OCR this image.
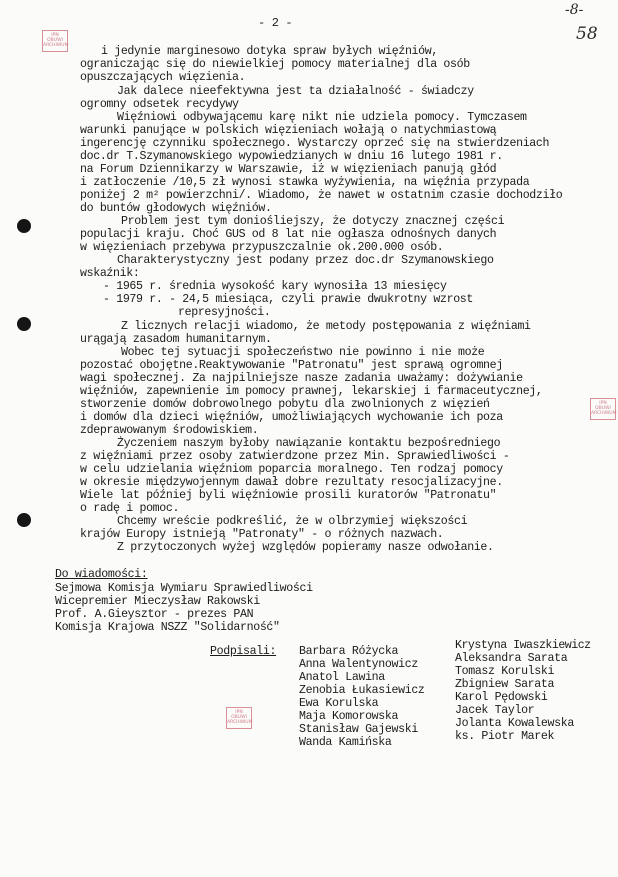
- 2 -
-8-
58
IPN OBUWI ARCHIWUM
IPN OBUWI ARCHIWUM
IPN OBUWI ARCHIWUM
i jedynie marginesowo dotyka spraw byłych więźniów,
ograniczając się do niewielkiej pomocy materialnej dla osób
opuszczających więzienia.
Jak dalece nieefektywna jest ta działalność - świadczy
ogromny odsetek recydywy
Więźniowi odbywającemu karę nikt nie udziela pomocy. Tymczasem
warunki panujące w polskich więzieniach wołają o natychmiastową
ingerencję czynniku społecznego. Wystarczy oprzeć się na stwierdzeniach
doc.dr T.Szymanowskiego wypowiedzianych w dniu 16 lutego 1981 r.
na Forum Dziennikarzy w Warszawie, iż w więzieniach panują głód
i zatłoczenie /10,5 zł wynosi stawka wyżywienia, na więźnia przypada
poniżej 2 m² powierzchni/. Wiadomo, że nawet w ostatnim czasie dochodziło
do buntów głodowych więźniów.
Problem jest tym doniośliejszy, że dotyczy znacznej części
populacji kraju. Choć GUS od 8 lat nie ogłasza odnośnych danych
w więzieniach przebywa przypuszczalnie ok.200.000 osób.
Charakterystyczny jest podany przez doc.dr Szymanowskiego
wskaźnik:
- 1965 r. średnia wysokość kary wynosiła 13 miesięcy
- 1979 r. - 24,5 miesiąca, czyli prawie dwukrotny wzrost
represyjności.
Z licznych relacji wiadomo, że metody postępowania z więźniami
urągają zasadom humanitarnym.
Wobec tej sytuacji społeczeństwo nie powinno i nie może
pozostać obojętne.Reaktywowanie "Patronatu" jest sprawą ogromnej
wagi społecznej. Za najpilniejsze nasze zadania uważamy: dożywianie
więźniów, zapewnienie im pomocy prawnej, lekarskiej i farmaceutycznej,
stworzenie domów dobrowolnego pobytu dla zwolnionych z więzień
i domów dla dzieci więźniów, umożliwiających wychowanie ich poza
zdeprawowanym środowiskiem.
Życzeniem naszym byłoby nawiązanie kontaktu bezpośredniego
z więźniami przez osoby zatwierdzone przez Min. Sprawiedliwości -
w celu udzielania więźniom poparcia moralnego. Ten rodzaj pomocy
w okresie międzywojennym dawał dobre rezultaty resocjalizacyjne.
Wiele lat później byli więźniowie prosili kuratorów "Patronatu"
o radę i pomoc.
Chcemy wreście podkreślić, że w olbrzymiej większości
krajów Europy istnieją "Patronaty" - o różnych nazwach.
Z przytoczonych wyżej względów popieramy nasze odwołanie.
Do wiadomości:
Sejmowa Komisja Wymiaru Sprawiedliwości
Wicepremier Mieczysław Rakowski
Prof. A.Gieysztor - prezes PAN
Komisja Krajowa NSZZ "Solidarność"
Podpisali: Barbara Różycka
Anna Walentynowicz
Anatol Lawina
Zenobia Łukasiewicz
Ewa Korulska
Maja Komorowska
Stanisław Gajewski
Wanda Kamińska
Krystyna Iwaszkiewicz
Aleksandra Sarata
Tomasz Korulski
Zbigniew Sarata
Karol Pędowski
Jacek Taylor
Jolanta Kowalewska
ks. Piotr Marek
